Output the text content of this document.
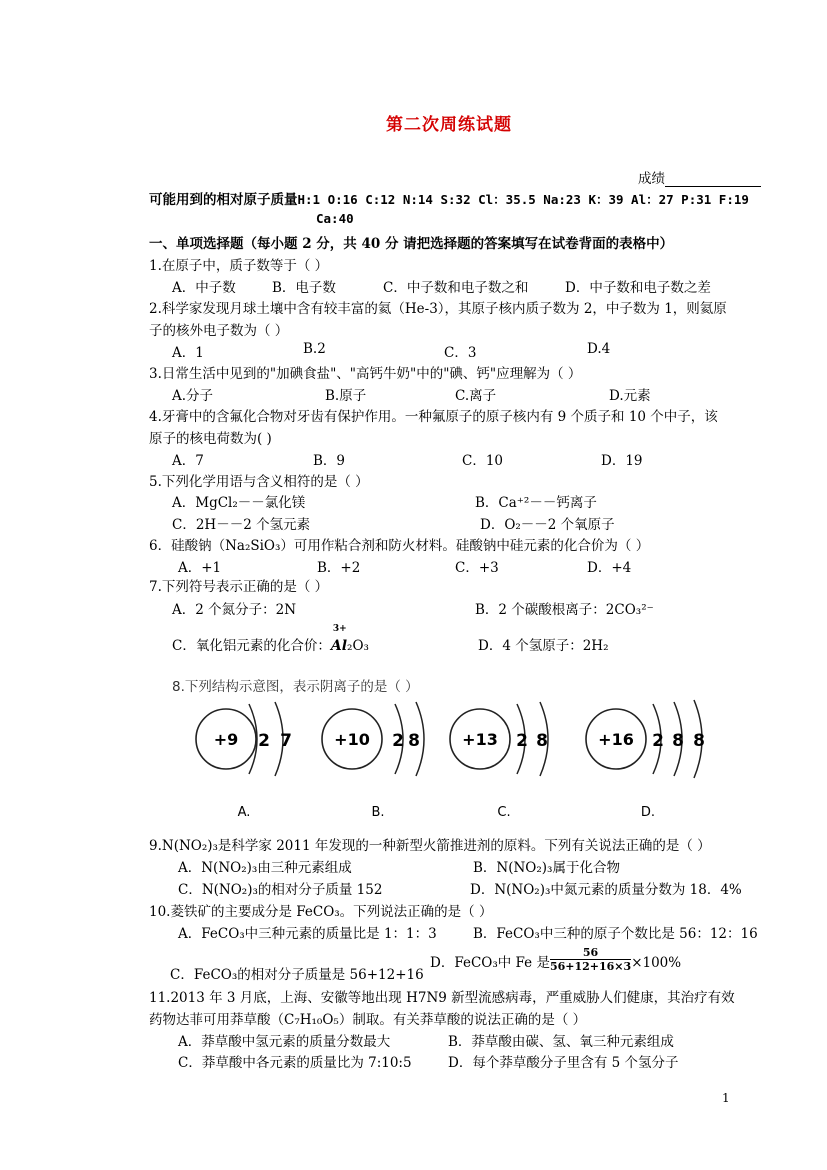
第二次周练试题
成绩
可能用到的相对原子质量H:1 O:16 C:12 N:14 S:32 Cl：35.5 Na:23 K：39 Al：27 P:31 F:19
Ca:40
一、单项选择题（每小题 2 分，共 40 分 请把选择题的答案填写在试卷背面的表格中）
1.在原子中，质子数等于（ ）
A．中子数	B．电子数	C．中子数和电子数之和	D．中子数和电子数之差
2.科学家发现月球土壤中含有较丰富的氦（He-3），其原子核内质子数为 2，中子数为 1，则氦原
子的核外电子数为（ ）
A．1	B.2	C．3	D.4
3.日常生活中见到的"加碘食盐"、"高钙牛奶"中的"碘、钙"应理解为（ ）
A.分子	B.原子	C.离子	D.元素
4.牙膏中的含氟化合物对牙齿有保护作用。一种氟原子的原子核内有 9 个质子和 10 个中子，该
原子的核电荷数为( )
A．7	B．9	C．10	D．19
5.下列化学用语与含义相符的是（ ）
A．MgCl₂－－氯化镁	B．Ca⁺²－－钙离子
C．2H－－2 个氢元素	D．O₂－－2 个氧原子
6．硅酸钠（Na₂SiO₃）可用作粘合剂和防火材料。硅酸钠中硅元素的化合价为（ ）
A．+1	B．+2	C．+3	D．+4
7.下列符号表示正确的是（ ）
A．2 个氮分子：2N	B．2 个碳酸根离子：2CO₃²⁻
C．氧化铝元素的化合价：
3+
Al₂O₃	D．4 个氢原子：2H₂
8.下列结构示意图，表示阴离子的是（ ）
+9 2 7
A.
+10 2 8
B.
+13 2 8
C.
+16 2 8 8
D.
9.N(NO₂)₃是科学家 2011 年发现的一种新型火箭推进剂的原料。下列有关说法正确的是（ ）
A．N(NO₂)₃由三种元素组成	B．N(NO₂)₃属于化合物
C．N(NO₂)₃的相对分子质量 152	D．N(NO₂)₃中氮元素的质量分数为 18．4%
10.菱铁矿的主要成分是 FeCO₃。下列说法正确的是（ ）
A．FeCO₃中三种元素的质量比是 1：1：3	B．FeCO₃中三种的原子个数比是 56：12：16
C．FeCO₃的相对分子质量是 56+12+16
D．FeCO₃中 Fe 是 $\frac{56}{56+12+16\times 3} \times 100\%$
11.2013 年 3 月底，上海、安徽等地出现 H7N9 新型流感病毒，严重威胁人们健康，其治疗有效
药物达菲可用莽草酸（C₇H₁₀O₅）制取。有关莽草酸的说法正确的是（ ）
A．莽草酸中氢元素的质量分数最大	B．莽草酸由碳、氢、氧三种元素组成
C．莽草酸中各元素的质量比为 7:10:5	D．每个莽草酸分子里含有 5 个氢分子
1
